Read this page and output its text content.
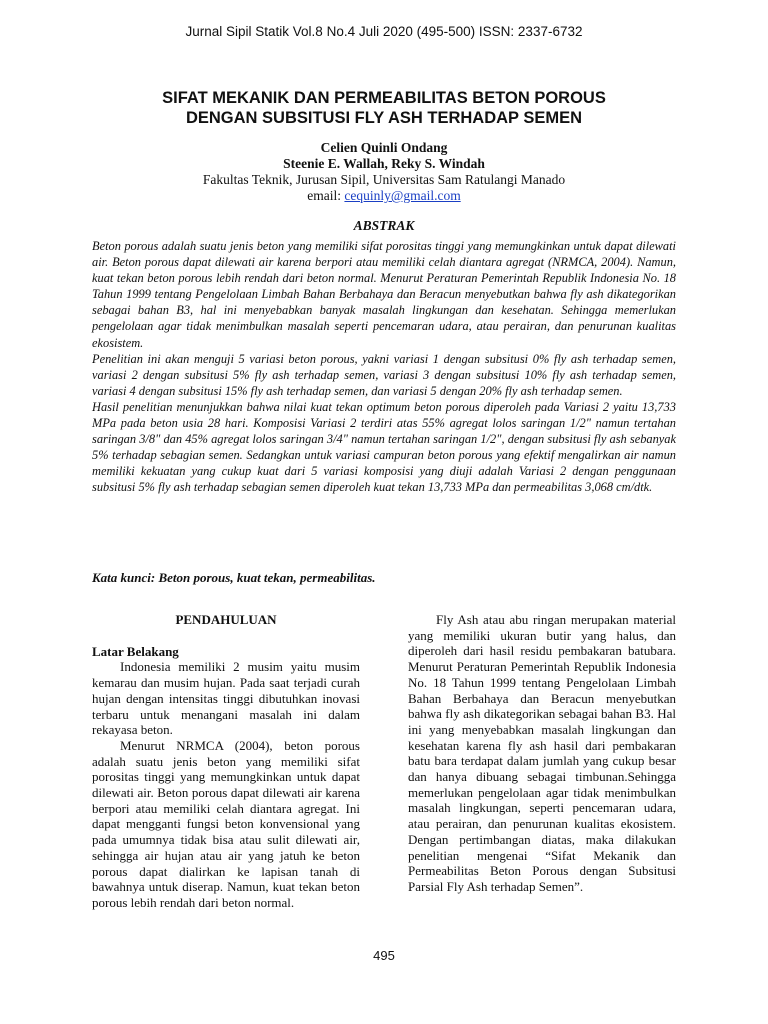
Jurnal Sipil Statik Vol.8 No.4 Juli 2020 (495-500) ISSN: 2337-6732
SIFAT MEKANIK DAN PERMEABILITAS BETON POROUS
DENGAN SUBSITUSI FLY ASH TERHADAP SEMEN
Celien Quinli Ondang
Steenie E. Wallah, Reky S. Windah
Fakultas Teknik, Jurusan Sipil, Universitas Sam Ratulangi Manado
email: cequinly@gmail.com
ABSTRAK

Beton porous adalah suatu jenis beton yang memiliki sifat porositas tinggi yang memungkinkan untuk dapat dilewati air. Beton porous dapat dilewati air karena berpori atau memiliki celah diantara agregat (NRMCA, 2004). Namun, kuat tekan beton porous lebih rendah dari beton normal. Menurut Peraturan Pemerintah Republik Indonesia No. 18 Tahun 1999 tentang Pengelolaan Limbah Bahan Berbahaya dan Beracun menyebutkan bahwa fly ash dikategorikan sebagai bahan B3, hal ini menyebabkan banyak masalah lingkungan dan kesehatan. Sehingga memerlukan pengelolaan agar tidak menimbulkan masalah seperti pencemaran udara, atau perairan, dan penurunan kualitas ekosistem.

Penelitian ini akan menguji 5 variasi beton porous, yakni variasi 1 dengan subsitusi 0% fly ash terhadap semen, variasi 2 dengan subsitusi 5% fly ash terhadap semen, variasi 3 dengan subsitusi 10% fly ash terhadap semen, variasi 4 dengan subsitusi 15% fly ash terhadap semen, dan variasi 5 dengan 20% fly ash terhadap semen.

Hasil penelitian menunjukkan bahwa nilai kuat tekan optimum beton porous diperoleh pada Variasi 2 yaitu 13,733 MPa pada beton usia 28 hari. Komposisi Variasi 2 terdiri atas 55% agregat lolos saringan 1/2" namun tertahan saringan 3/8" dan 45% agregat lolos saringan 3/4" namun tertahan saringan 1/2", dengan subsitusi fly ash sebanyak 5% terhadap sebagian semen. Sedangkan untuk variasi campuran beton porous yang efektif mengalirkan air namun memiliki kekuatan yang cukup kuat dari 5 variasi komposisi yang diuji adalah Variasi 2 dengan penggunaan subsitusi 5% fly ash terhadap sebagian semen diperoleh kuat tekan 13,733 MPa dan permeabilitas 3,068 cm/dtk.

Kata kunci: Beton porous, kuat tekan, permeabilitas.
PENDAHULUAN
Latar Belakang

Indonesia memiliki 2 musim yaitu musim kemarau dan musim hujan. Pada saat terjadi curah hujan dengan intensitas tinggi dibutuhkan inovasi terbaru untuk menangani masalah ini dalam rekayasa beton.

Menurut NRMCA (2004), beton porous adalah suatu jenis beton yang memiliki sifat porositas tinggi yang memungkinkan untuk dapat dilewati air. Beton porous dapat dilewati air karena berpori atau memiliki celah diantara agregat. Ini dapat mengganti fungsi beton konvensional yang pada umumnya tidak bisa atau sulit dilewati air, sehingga air hujan atau air yang jatuh ke beton porous dapat dialirkan ke lapisan tanah di bawahnya untuk diserap. Namun, kuat tekan beton porous lebih rendah dari beton normal.

Fly Ash atau abu ringan merupakan material yang memiliki ukuran butir yang halus, dan diperoleh dari hasil residu pembakaran batubara. Menurut Peraturan Pemerintah Republik Indonesia No. 18 Tahun 1999 tentang Pengelolaan Limbah Bahan Berbahaya dan Beracun menyebutkan bahwa fly ash dikategorikan sebagai bahan B3. Hal ini yang menyebabkan masalah lingkungan dan kesehatan karena fly ash hasil dari pembakaran batu bara terdapat dalam jumlah yang cukup besar dan hanya dibuang sebagai timbunan.Sehingga memerlukan pengelolaan agar tidak menimbulkan masalah lingkungan, seperti pencemaran udara, atau perairan, dan penurunan kualitas ekosistem. Dengan pertimbangan diatas, maka dilakukan penelitian mengenai “Sifat Mekanik dan Permeabilitas Beton Porous dengan Subsitusi Parsial Fly Ash terhadap Semen”.

495
